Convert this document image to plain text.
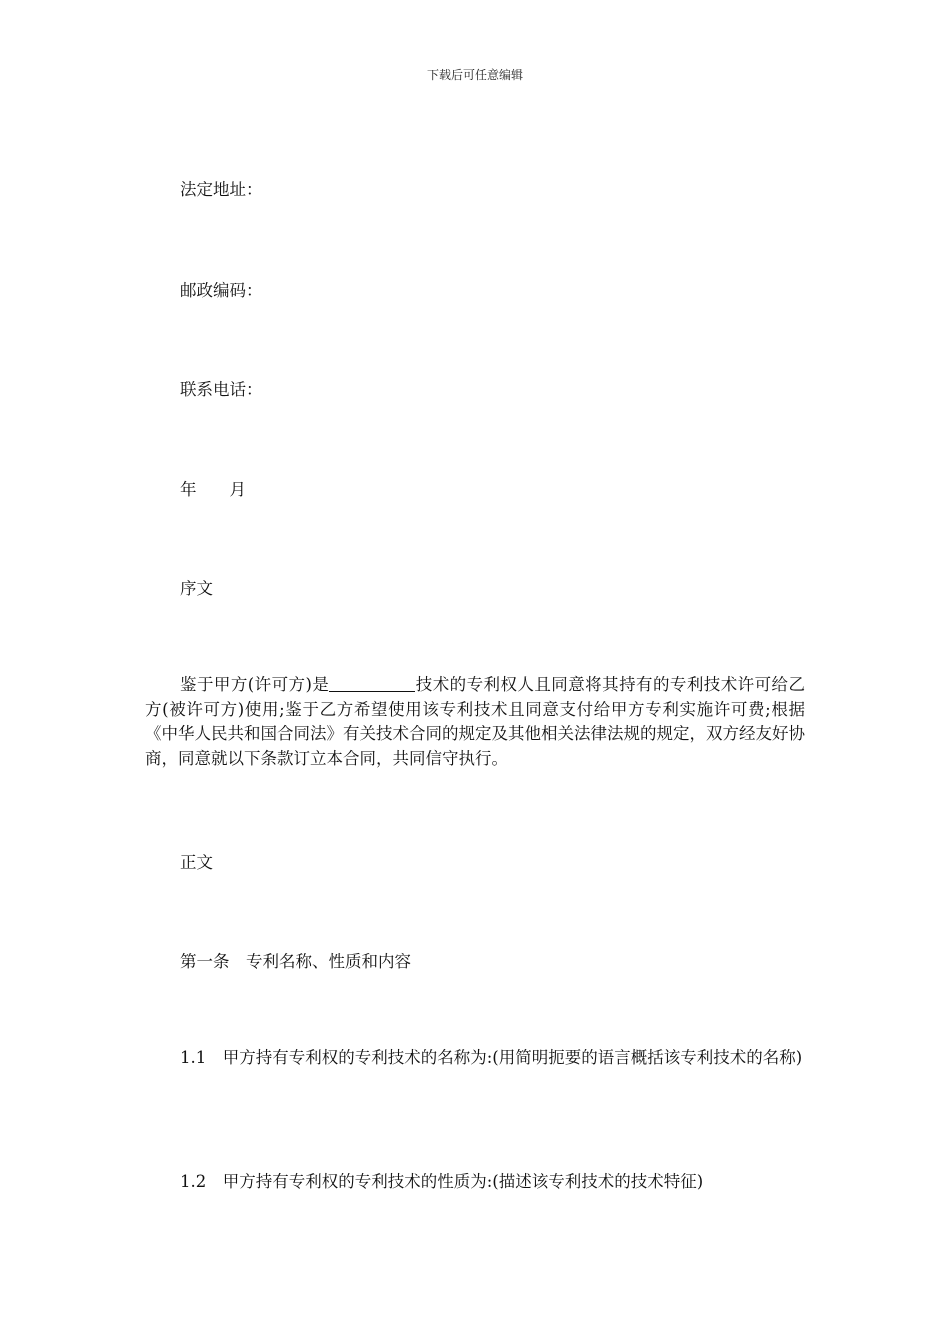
下载后可任意编辑
法定地址：
邮政编码：
联系电话：
年　　月
序文
鉴于甲方(许可方)是	技术的专利权人且同意将其持有的专利技术许可给乙方(被许可方)使用;鉴于乙方希望使用该专利技术且同意支付给甲方专利实施许可费;根据《中华人民共和国合同法》有关技术合同的规定及其他相关法律法规的规定，双方经友好协商，同意就以下条款订立本合同，共同信守执行。
正文
第一条　专利名称、性质和内容
1.1　甲方持有专利权的专利技术的名称为:(用简明扼要的语言概括该专利技术的名称)
1.2　甲方持有专利权的专利技术的性质为:(描述该专利技术的技术特征)
